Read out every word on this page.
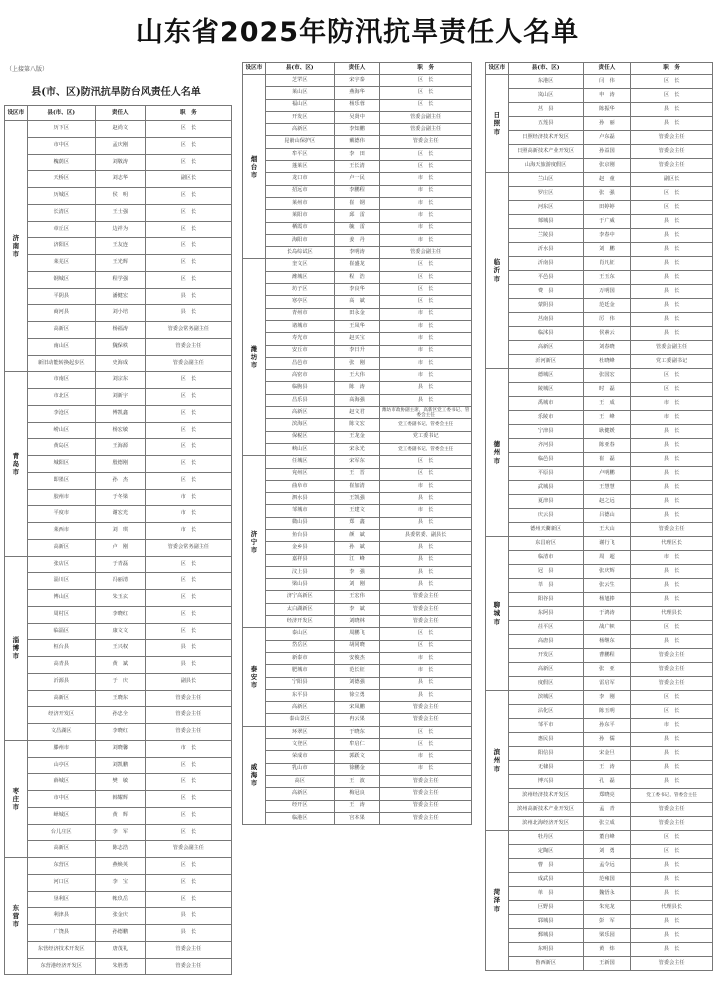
山东省2025年防汛抗旱责任人名单
（上接第八版）
县(市、区)防汛抗旱防台风责任人名单
设区市	县(市、区)	责任人	职　务
济
南
市	历下区	赵尚文	区　长
	市中区	孟庆刚	区　长
	槐荫区	刘敬涛	区　长
	天桥区	刘志华	副区长
	历城区	侯　明	区　长
	长清区	王士强	区　长
	章丘区	边祥为	区　长
	济阳区	王友连	区　长
	莱芜区	王光辉	区　长
	钢城区	程学强	区　长
	平阴县	潘健宏	县　长
	商河县	刘小培	县　长
	高新区	杨福涛	管委会常务副主任
	南山区	魏保秩	管委会主任
	新旧动能转换起步区	史海成	管委会副主任
青
岛
市	市南区	刘宗东	区　长
	市北区	刘新宇	区　长
	李沧区	傅凯鑫	区　长
	崂山区	杨宏敏	区　长
	黄岛区	王海源	区　长
	城阳区	殷德刚	区　长
	即墨区	孙　杰	区　长
	胶州市	于冬梁	市　长
	平度市	谢宏光	市　长
	莱西市	刘　琪	市　长
	高新区	卢　刚	管委会常务副主任
淄
博
市	张店区	于青磊	区　长
	淄川区	冯丽清	区　长
	博山区	朱玉玄	区　长
	周村区	李晓红	区　长
	临淄区	康文文	区　长
	桓台县	王兴权	县　长
	高青县	黄　斌	县　长
	沂源县	于　庆	副县长
	高新区	王晓东	管委会主任
	经济开发区	孙忠全	管委会主任
	文昌湖区	李晓红	管委会主任
枣
庄
市	滕州市	刘晓馨	市　长
	山亭区	刘凯鹏	区　长
	薛城区	樊　敏	区　长
	市中区	韩耀辉	区　长
	峄城区	黄　辉	区　长
	台儿庄区	李　军	区　长
	高新区	陈志浩	管委会副主任
东
营
市	东营区	燕焕英	区　长
	河口区	李　宝	区　长
	垦利区	帐玖岳	区　长
	利津县	张金庆	县　长
	广饶县	孙德鹏	县　长
	东营经济技术开发区	唐茂礼	管委会主任
	东营港经济开发区	朱胜勇	管委会主任
设区市	县(市、区)	责任人	职　务
烟
台
市	芝罘区	宋宇泰	区　长
	莱山区	燕海华	区　长
	福山区	杨乐蓉	区　长
	开发区	吴贤中	管委会副主任
	高新区	李知鹏	管委会副主任
	昆嵛山保护区	戴德伟	管委会主任
	牟平区	李　田	区　长
	蓬莱区	王长清	区　长
	龙口市	卢一民	市　长
	招远市	李鹏程	市　长
	莱州市	崔　钢	市　长
	莱阳市	邱　雷	市　长
	栖霞市	毓　雷	市　长
	海阳市	姜　丹	市　长
	长岛综试区	李明涛	管委会副主任
潍
坊
市	奎文区	崔盛龙	区　长
	潍城区	程　浩	区　长
	坊子区	李良华	区　长
	寒亭区	高　斌	区　长
	青州市	田永金	市　长
	诸城市	王凤华	市　长
	寿光市	赵买宝	市　长
	安丘市	李日升	市　长
	昌邑市	张　刚	市　长
	高密市	王大伟	市　长
	临朐县	陈　涛	县　长
	昌乐县	高海强	县　长
	高新区	赵文君	潍坊市政协副主席，高新区党工委书记、管委会主任
	滨海区	陈文宏	党工委副书记、管委会主任
	保税区	王龙金	党工委书记
	峡山区	宋永光	党工委副书记、管委会主任
济
宁
市	任城区	宋军东	区　长
	兖州区	王　晋	区　长
	曲阜市	崔加清	市　长
	泗水县	王凯强	县　长
	邹城市	王建文	市　长
	微山县	郑　鑫	县　长
	鱼台县	颜　斌	县委常委、副县长
	金乡县	孙　斌	县　长
	嘉祥县	江　峰	县　长
	汶上县	李　强	县　长
	梁山县	刘　刚	县　长
	济宁高新区	王宏伟	管委会主任
	太白湖新区	李　斌	管委会主任
	经济开发区	刘晓林	管委会主任
泰
安
市	泰山区	周鹏飞	区　长
	岱岳区	胡同晓	区　长
	新泰市	安俊杰	市　长
	肥城市	范长征	市　长
	宁阳县	刘德强	县　长
	东平县	徐立勇	县　长
	高新区	宋凤鹏	管委会主任
	泰山景区	冉云果	管委会主任
威
海
市	环翠区	于晓东	区　长
	文登区	牟启仁	区　长
	荣成市	郭跃文	市　长
	乳山市	徐鹏金	市　长
	高区	王　波	管委会主任
	高新区	梅冠良	管委会主任
	经开区	王　涛	管委会主任
	临港区	宫本果	管委会主任
设区市	县(市、区)	责任人	职　务
日
照
市	东港区	闫　伟	区　长
	岚山区	申　涛	区　长
	莒　县	陈振华	县　长
	五莲县	孙　丽	县　长
	日照经济技术开发区	卢东磊	管委会主任
	日照高新技术产业开发区	孙益国	管委会主任
	山海天旅游度假区	张京刚	管委会主任
临
沂
市	兰山区	赵　童	副区长
	罗庄区	张　强	区　长
	河东区	田婷婷	区　长
	郯城县	于广威	县　长
	兰陵县	李春中	县　长
	沂水县	刘　鹏	县　长
	沂南县	肖凡征	县　长
	平邑县	王玉东	县　长
	费　县	万明国	县　长
	蒙阴县	范廷金	县　长
	莒南县	厉　伟	县　长
	临沭县	侯素云	县　长
	高新区	刘春晓	管委会副主任
	沂河新区	杜晓峰	党工委副书记
德
州
市	德城区	张国宏	区　长
	陵城区	时　磊	区　长
	禹城市	王　成	市　长
	乐陵市	王　峰	市　长
	宁津县	耿健媛	县　长
	齐河县	陈亚春	县　长
	临邑县	崔　磊	县　长
	平原县	卢明鹏	县　长
	武城县	王慧慧	县　长
	夏津县	赵之远	县　长
	庆云县	吕德山	县　长
	德州天衢新区	王大山	管委会主任
聊
城
市	东昌府区	谢行飞	代理区长
	临清市	周　超	市　长
	冠　县	张庆辉	县　长
	莘　县	张云生	县　长
	阳谷县	杨旭捧	县　长
	东阿县	于鸿涛	代理县长
	茌平区	战广帜	区　长
	高唐县	杨继东	县　长
	开发区	曹鹏程	管委会主任
	高新区	张　亚	管委会主任
	度假区	雷启军	管委会主任
滨
州
市	滨城区	李　刚	区　长
	沾化区	陈玉明	区　长
	邹平市	孙东平	市　长
	惠民县	孙　儒	县　长
	阳信县	宋金旦	县　长
	无棣县	王　涛	县　长
	博兴县	孔　磊	县　长
	滨州经济技术开发区	郑晓亮	党工委书记、管委会主任
	滨州高新技术产业开发区	孟　青	管委会主任
	滨州北海经济开发区	张立成	管委会主任
菏
泽
市	牡丹区	董自峰	区　长
	定陶区	刘　勇	区　长
	曹　县	孟令远	县　长
	成武县	范雍国	县　长
	单　县	魏悟永	县　长
	巨野县	朱宪龙	代理县长
	郓城县	彭　军	县　长
	鄄城县	梁乐园	县　长
	东明县	黄　炜	县　长
	鲁西新区	王新国	管委会主任
